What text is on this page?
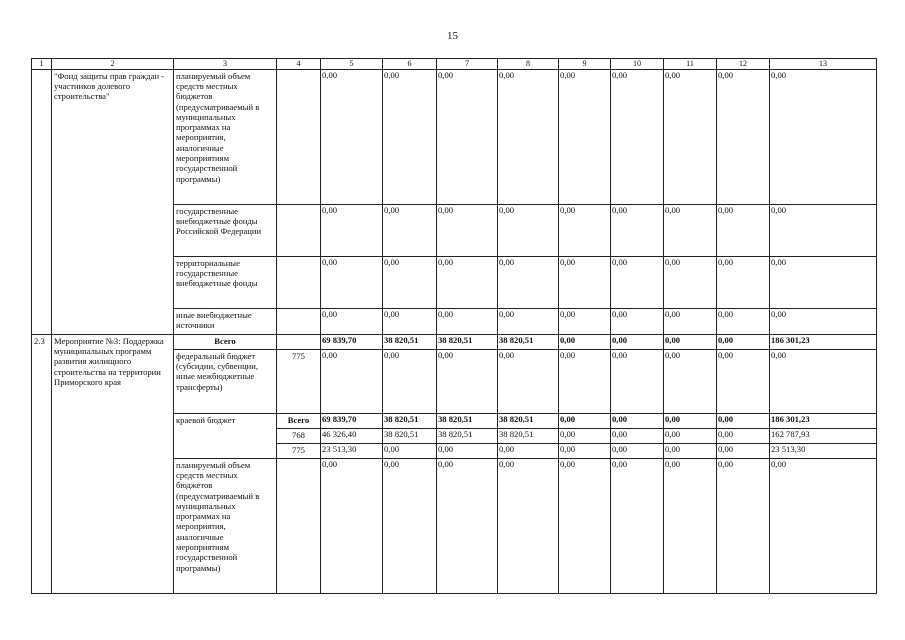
15
1	2	3	4	5	6	7	8	9	10	11	12	13
	"Фонд защиты прав граждан - участников долевого строительства"	планируемый объем средств местных бюджетов (предусматриваемый в муниципальных программах на мероприятия, аналогичные мероприятиям государственной программы)		0,00	0,00	0,00	0,00	0,00	0,00	0,00	0,00	0,00
		государственные внебюджетные фонды Российской Федерации		0,00	0,00	0,00	0,00	0,00	0,00	0,00	0,00	0,00
		территориальные государственные внебюджетные фонды		0,00	0,00	0,00	0,00	0,00	0,00	0,00	0,00	0,00
		иные внебюджетные источники		0,00	0,00	0,00	0,00	0,00	0,00	0,00	0,00	0,00
2.3	Мероприятие №3: Поддержка муниципальных программ развития жилищного строительства на территории Приморского края	Всего		69 839,70	38 820,51	38 820,51	38 820,51	0,00	0,00	0,00	0,00	186 301,23
		федеральный бюджет (субсидии, субвенции, иные межбюджетные трансферты)	775	0,00	0,00	0,00	0,00	0,00	0,00	0,00	0,00	0,00
		краевой бюджет	Всего	69 839,70	38 820,51	38 820,51	38 820,51	0,00	0,00	0,00	0,00	186 301,23
			768	46 326,40	38 820,51	38 820,51	38 820,51	0,00	0,00	0,00	0,00	162 787,93
			775	23 513,30	0,00	0,00	0,00	0,00	0,00	0,00	0,00	23 513,30
		планируемый объем средств местных бюджетов (предусматриваемый в муниципальных программах на мероприятия, аналогичные мероприятиям государственной программы)		0,00	0,00	0,00	0,00	0,00	0,00	0,00	0,00	0,00
